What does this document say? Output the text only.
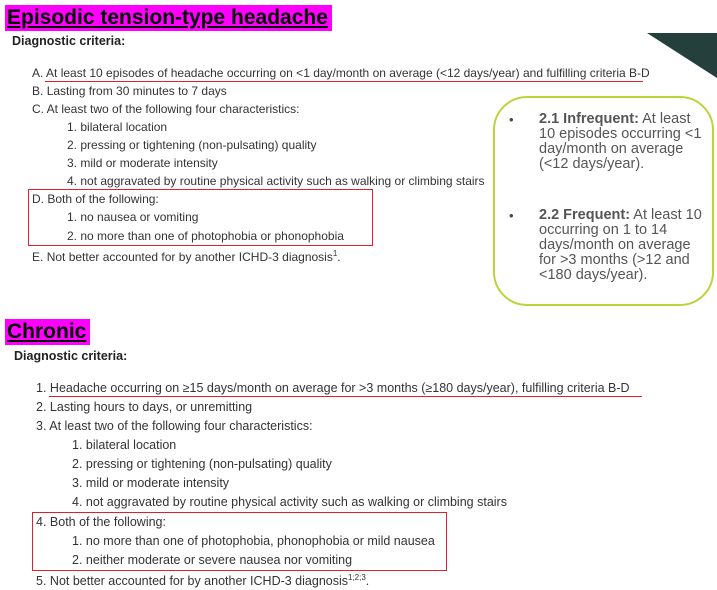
Episodic tension-type headache
Diagnostic criteria:
A. At least 10 episodes of headache occurring on <1 day/month on average (<12 days/year) and fulfilling criteria B-D
B. Lasting from 30 minutes to 7 days
C. At least two of the following four characteristics:
1. bilateral location
2. pressing or tightening (non-pulsating) quality
3. mild or moderate intensity
4. not aggravated by routine physical activity such as walking or climbing stairs
D. Both of the following:
1. no nausea or vomiting
2. no more than one of photophobia or phonophobia
E. Not better accounted for by another ICHD-3 diagnosis$^1$.
• 2.1 Infrequent: At least 10 episodes occurring <1 day/month on average (<12 days/year).
• 2.2 Frequent: At least 10 occurring on 1 to 14 days/month on average for >3 months (>12 and <180 days/year).
Chronic
Diagnostic criteria:
1. Headache occurring on ≥15 days/month on average for >3 months (≥180 days/year), fulfilling criteria B-D
2. Lasting hours to days, or unremitting
3. At least two of the following four characteristics:
1. bilateral location
2. pressing or tightening (non-pulsating) quality
3. mild or moderate intensity
4. not aggravated by routine physical activity such as walking or climbing stairs
4. Both of the following:
1. no more than one of photophobia, phonophobia or mild nausea
2. neither moderate or severe nausea nor vomiting
5. Not better accounted for by another ICHD-3 diagnosis$^{1;2;3}$.
